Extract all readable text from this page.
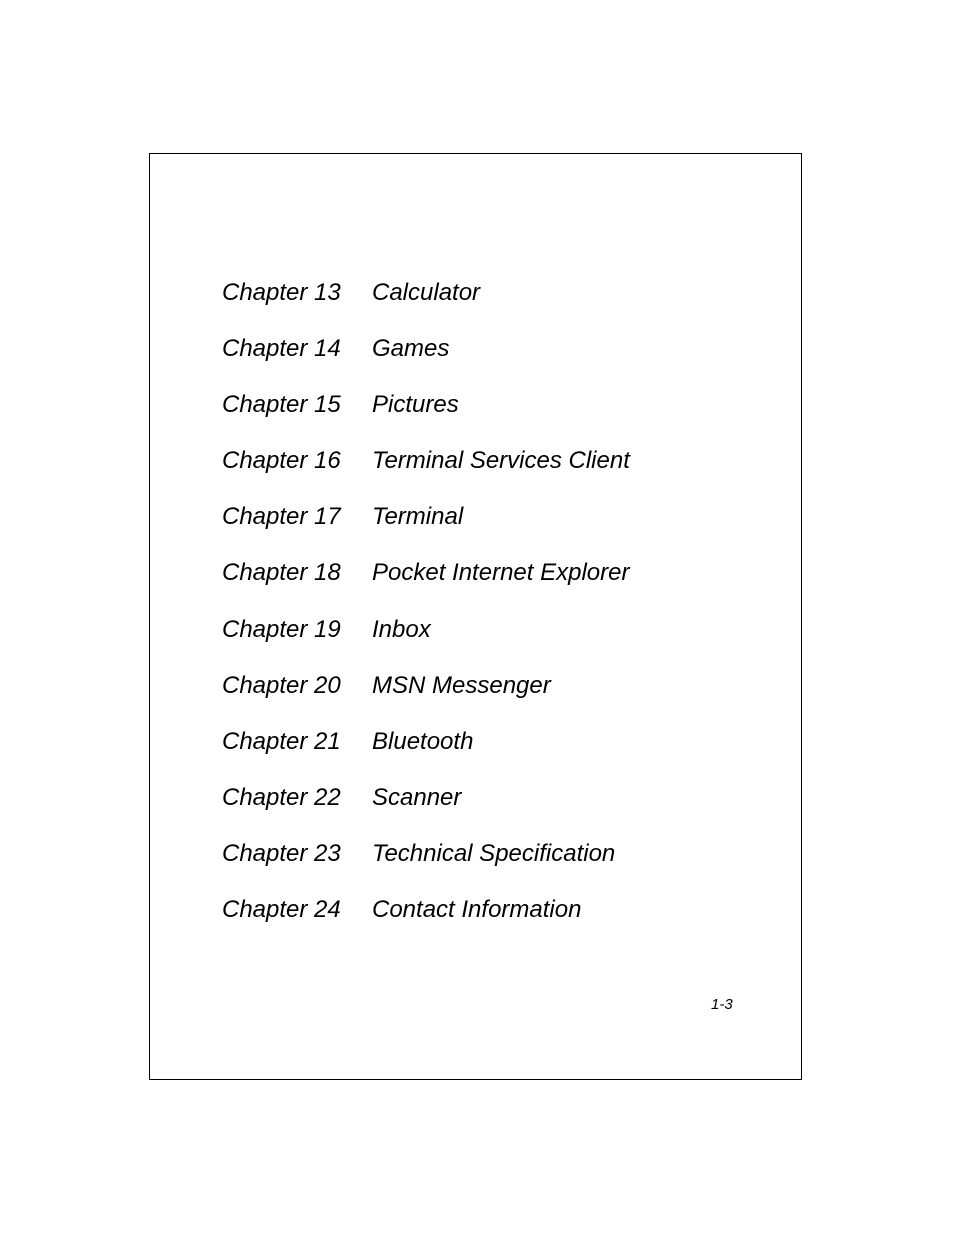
Chapter 13	Calculator
Chapter 14	Games
Chapter 15	Pictures
Chapter 16	Terminal Services Client
Chapter 17	Terminal
Chapter 18	Pocket Internet Explorer
Chapter 19	Inbox
Chapter 20	MSN Messenger
Chapter 21	Bluetooth
Chapter 22	Scanner
Chapter 23	Technical Specification
Chapter 24	Contact Information
1-3
